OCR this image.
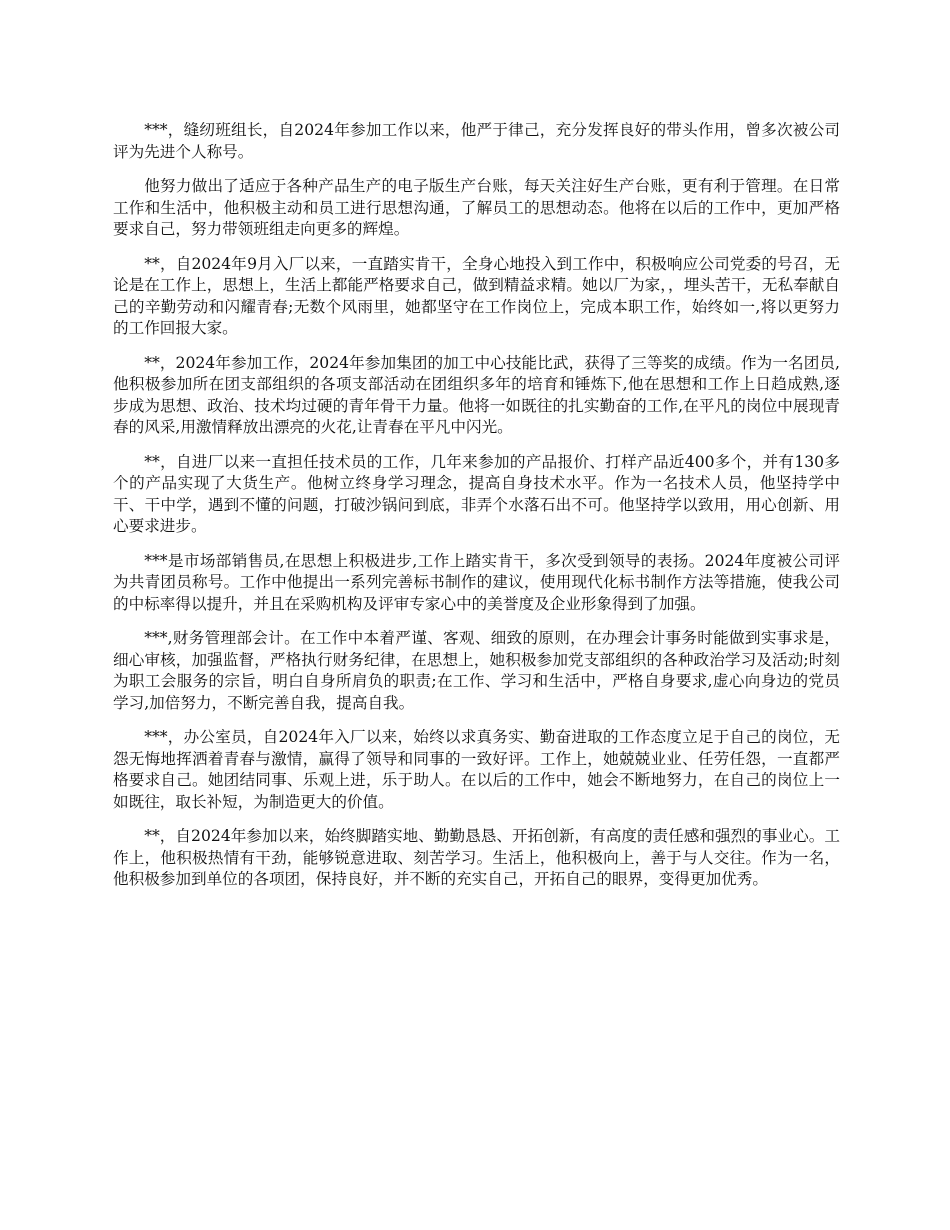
***，缝纫班组长，自2024年参加工作以来，他严于律己，充分发挥良好的带头作用，曾多次被公司评为先进个人称号。

他努力做出了适应于各种产品生产的电子版生产台账，每天关注好生产台账，更有利于管理。在日常工作和生活中，他积极主动和员工进行思想沟通，了解员工的思想动态。他将在以后的工作中，更加严格要求自己，努力带领班组走向更多的辉煌。

**，自2024年9月入厂以来，一直踏实肯干，全身心地投入到工作中，积极响应公司党委的号召，无论是在工作上，思想上，生活上都能严格要求自己，做到精益求精。她以厂为家，，埋头苦干，无私奉献自己的辛勤劳动和闪耀青春;无数个风雨里，她都坚守在工作岗位上，完成本职工作，始终如一,将以更努力的工作回报大家。

**，2024年参加工作，2024年参加集团的加工中心技能比武，获得了三等奖的成绩。作为一名团员,他积极参加所在团支部组织的各项支部活动在团组织多年的培育和锤炼下,他在思想和工作上日趋成熟,逐步成为思想、政治、技术均过硬的青年骨干力量。他将一如既往的扎实勤奋的工作,在平凡的岗位中展现青春的风采,用激情释放出漂亮的火花,让青春在平凡中闪光。

**，自进厂以来一直担任技术员的工作，几年来参加的产品报价、打样产品近400多个，并有130多个的产品实现了大货生产。他树立终身学习理念，提高自身技术水平。作为一名技术人员，他坚持学中干、干中学，遇到不懂的问题，打破沙锅问到底，非弄个水落石出不可。他坚持学以致用，用心创新、用心要求进步。

***是市场部销售员,在思想上积极进步,工作上踏实肯干，多次受到领导的表扬。2024年度被公司评为共青团员称号。工作中他提出一系列完善标书制作的建议，使用现代化标书制作方法等措施，使我公司的中标率得以提升，并且在采购机构及评审专家心中的美誉度及企业形象得到了加强。

***,财务管理部会计。在工作中本着严谨、客观、细致的原则，在办理会计事务时能做到实事求是，细心审核，加强监督，严格执行财务纪律，在思想上，她积极参加党支部组织的各种政治学习及活动;时刻为职工会服务的宗旨，明白自身所肩负的职责;在工作、学习和生活中，严格自身要求,虚心向身边的党员学习,加倍努力，不断完善自我，提高自我。

***，办公室员，自2024年入厂以来，始终以求真务实、勤奋进取的工作态度立足于自己的岗位，无怨无悔地挥洒着青春与激情，赢得了领导和同事的一致好评。工作上，她兢兢业业、任劳任怨，一直都严格要求自己。她团结同事、乐观上进，乐于助人。在以后的工作中，她会不断地努力，在自己的岗位上一如既往，取长补短，为制造更大的价值。

**，自2024年参加以来，始终脚踏实地、勤勤恳恳、开拓创新，有高度的责任感和强烈的事业心。工作上，他积极热情有干劲，能够锐意进取、刻苦学习。生活上，他积极向上，善于与人交往。作为一名，他积极参加到单位的各项团，保持良好，并不断的充实自己，开拓自己的眼界，变得更加优秀。
